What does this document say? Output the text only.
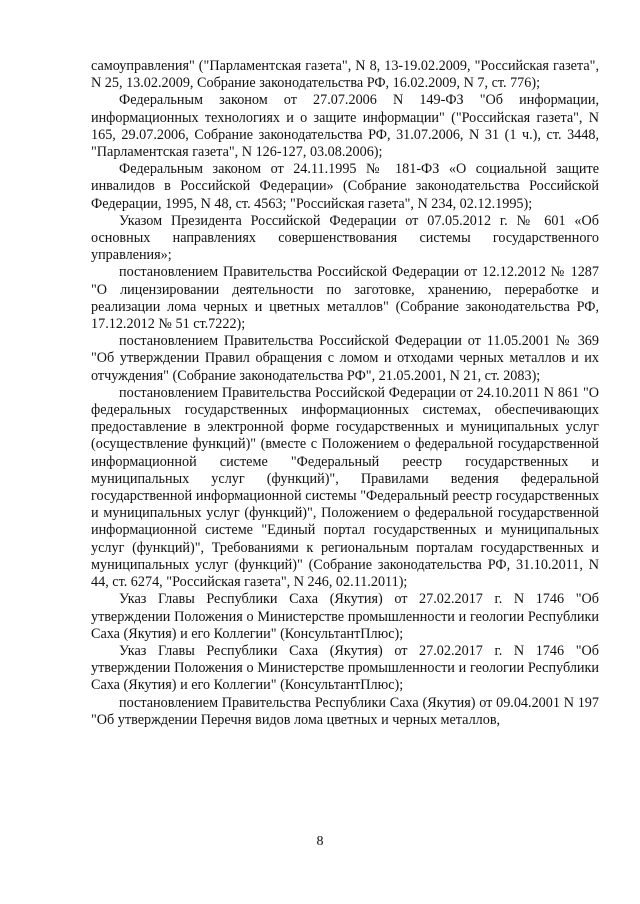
самоуправления" ("Парламентская газета", N 8, 13-19.02.2009, "Российская газета", N 25, 13.02.2009, Собрание законодательства РФ, 16.02.2009, N 7, ст. 776);

Федеральным законом от 27.07.2006 N 149-ФЗ "Об информации, информационных технологиях и о защите информации" ("Российская газета", N 165, 29.07.2006, Собрание законодательства РФ, 31.07.2006, N 31 (1 ч.), ст. 3448, "Парламентская газета", N 126-127, 03.08.2006);

Федеральным законом от 24.11.1995 № 181-ФЗ «О социальной защите инвалидов в Российской Федерации» (Собрание законодательства Российской Федерации, 1995, N 48, ст. 4563; "Российская газета", N 234, 02.12.1995);

Указом Президента Российской Федерации от 07.05.2012 г. № 601 «Об основных направлениях совершенствования системы государственного управления»;

постановлением Правительства Российской Федерации от 12.12.2012 № 1287 "О лицензировании деятельности по заготовке, хранению, переработке и реализации лома черных и цветных металлов" (Собрание законодательства РФ, 17.12.2012 № 51 ст.7222);

постановлением Правительства Российской Федерации от 11.05.2001 № 369 "Об утверждении Правил обращения с ломом и отходами черных металлов и их отчуждения" (Собрание законодательства РФ", 21.05.2001, N 21, ст. 2083);

постановлением Правительства Российской Федерации от 24.10.2011 N 861 "О федеральных государственных информационных системах, обеспечивающих предоставление в электронной форме государственных и муниципальных услуг (осуществление функций)" (вместе с Положением о федеральной государственной информационной системе "Федеральный реестр государственных и муниципальных услуг (функций)", Правилами ведения федеральной государственной информационной системы "Федеральный реестр государственных и муниципальных услуг (функций)", Положением о федеральной государственной информационной системе "Единый портал государственных и муниципальных услуг (функций)", Требованиями к региональным порталам государственных и муниципальных услуг (функций)" (Собрание законодательства РФ, 31.10.2011, N 44, ст. 6274, "Российская газета", N 246, 02.11.2011);

Указ Главы Республики Саха (Якутия) от 27.02.2017 г. N 1746 "Об утверждении Положения о Министерстве промышленности и геологии Республики Саха (Якутия) и его Коллегии" (КонсультантПлюс);

Указ Главы Республики Саха (Якутия) от 27.02.2017 г. N 1746 "Об утверждении Положения о Министерстве промышленности и геологии Республики Саха (Якутия) и его Коллегии" (КонсультантПлюс);

постановлением Правительства Республики Саха (Якутия) от 09.04.2001 N 197 "Об утверждении Перечня видов лома цветных и черных металлов,

8
